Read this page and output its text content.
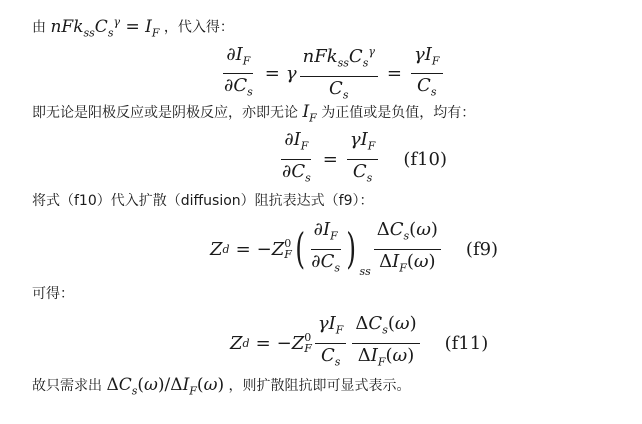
由 $nFk_{ss}C_s^\gamma = I_F$ ，代入得：
$\frac{\partial I_F}{\partial C_s} = \gamma \frac{nFk_{ss}C_s^\gamma}{C_s} = \frac{\gamma I_F}{C_s}$
即无论是阳极反应或是阴极反应，亦即无论 $I_F$ 为正值或是负值，均有：
$\frac{\partial I_F}{\partial C_s} = \frac{\gamma I_F}{C_s} (f10)$
将式（f10）代入扩散（diffusion）阻抗表达式（f9）：
Z d = − Z 0
F ( $\frac{\partial I_F}{\partial C_s}$ ) ss $\frac{\Delta C_s(\omega)}{\Delta I_F(\omega)} (f9)$
可得：
Z d = − Z 0
F $\frac{\gamma I_F}{C_s} \frac{\Delta C_s(\omega)}{\Delta I_F(\omega)} (f11)$
故只需求出 $\Delta C_s(\omega)/\Delta I_F(\omega)$ ，则扩散阻抗即可显式表示。
